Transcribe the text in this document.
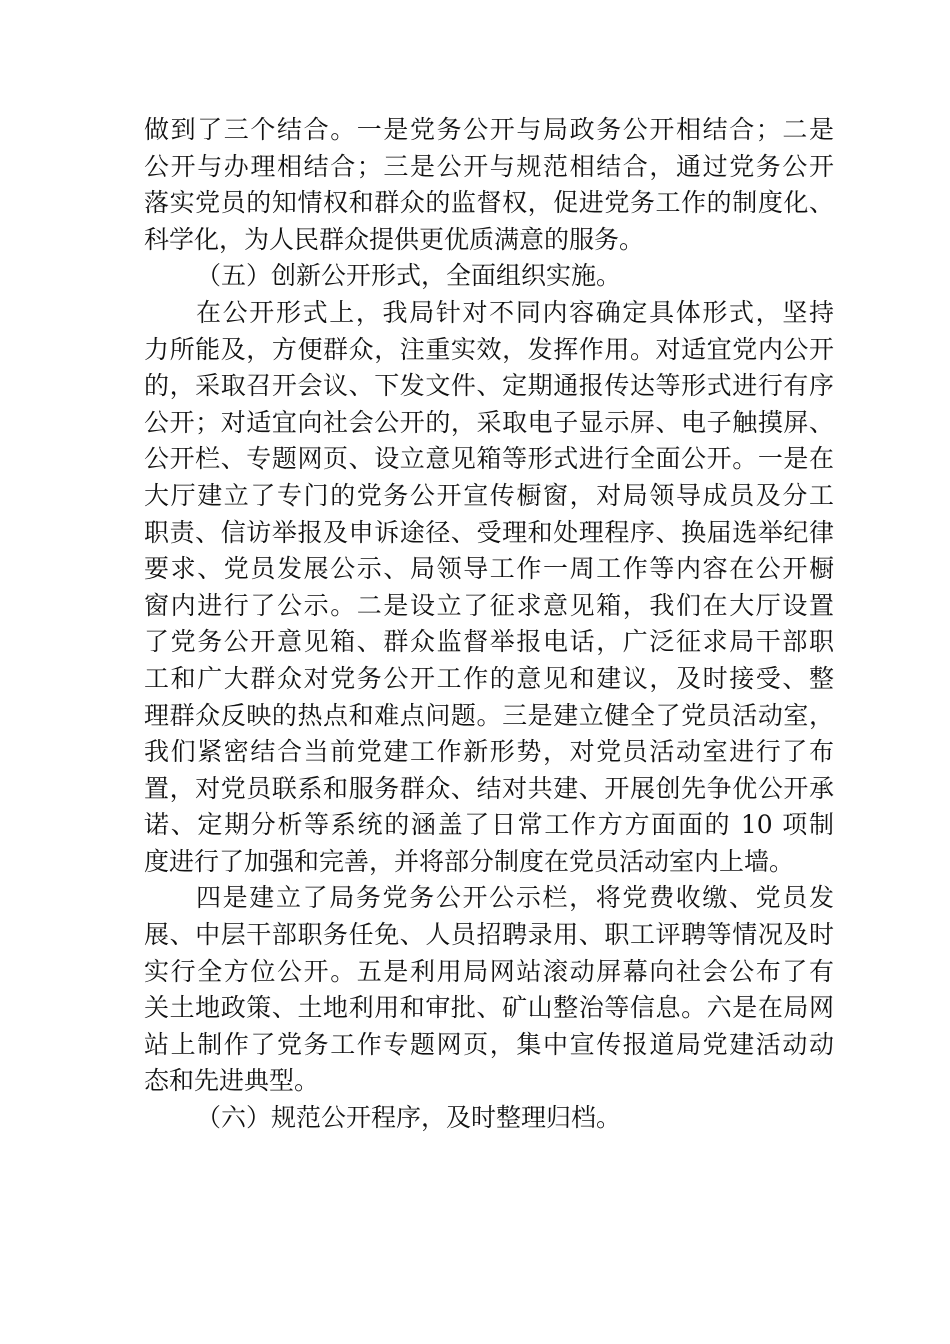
做到了三个结合。一是党务公开与局政务公开相结合；二是
公开与办理相结合；三是公开与规范相结合，通过党务公开
落实党员的知情权和群众的监督权，促进党务工作的制度化、
科学化，为人民群众提供更优质满意的服务。
（五）创新公开形式，全面组织实施。
在公开形式上，我局针对不同内容确定具体形式，坚持
力所能及，方便群众，注重实效，发挥作用。对适宜党内公开
的，采取召开会议、下发文件、定期通报传达等形式进行有序
公开；对适宜向社会公开的，采取电子显示屏、电子触摸屏、
公开栏、专题网页、设立意见箱等形式进行全面公开。一是在
大厅建立了专门的党务公开宣传橱窗，对局领导成员及分工
职责、信访举报及申诉途径、受理和处理程序、换届选举纪律
要求、党员发展公示、局领导工作一周工作等内容在公开橱
窗内进行了公示。二是设立了征求意见箱，我们在大厅设置
了党务公开意见箱、群众监督举报电话，广泛征求局干部职
工和广大群众对党务公开工作的意见和建议，及时接受、整
理群众反映的热点和难点问题。三是建立健全了党员活动室，
我们紧密结合当前党建工作新形势，对党员活动室进行了布
置，对党员联系和服务群众、结对共建、开展创先争优公开承
诺、定期分析等系统的涵盖了日常工作方方面面的 10 项制
度进行了加强和完善，并将部分制度在党员活动室内上墙。
四是建立了局务党务公开公示栏，将党费收缴、党员发
展、中层干部职务任免、人员招聘录用、职工评聘等情况及时
实行全方位公开。五是利用局网站滚动屏幕向社会公布了有
关土地政策、土地利用和审批、矿山整治等信息。六是在局网
站上制作了党务工作专题网页，集中宣传报道局党建活动动
态和先进典型。
（六）规范公开程序，及时整理归档。
